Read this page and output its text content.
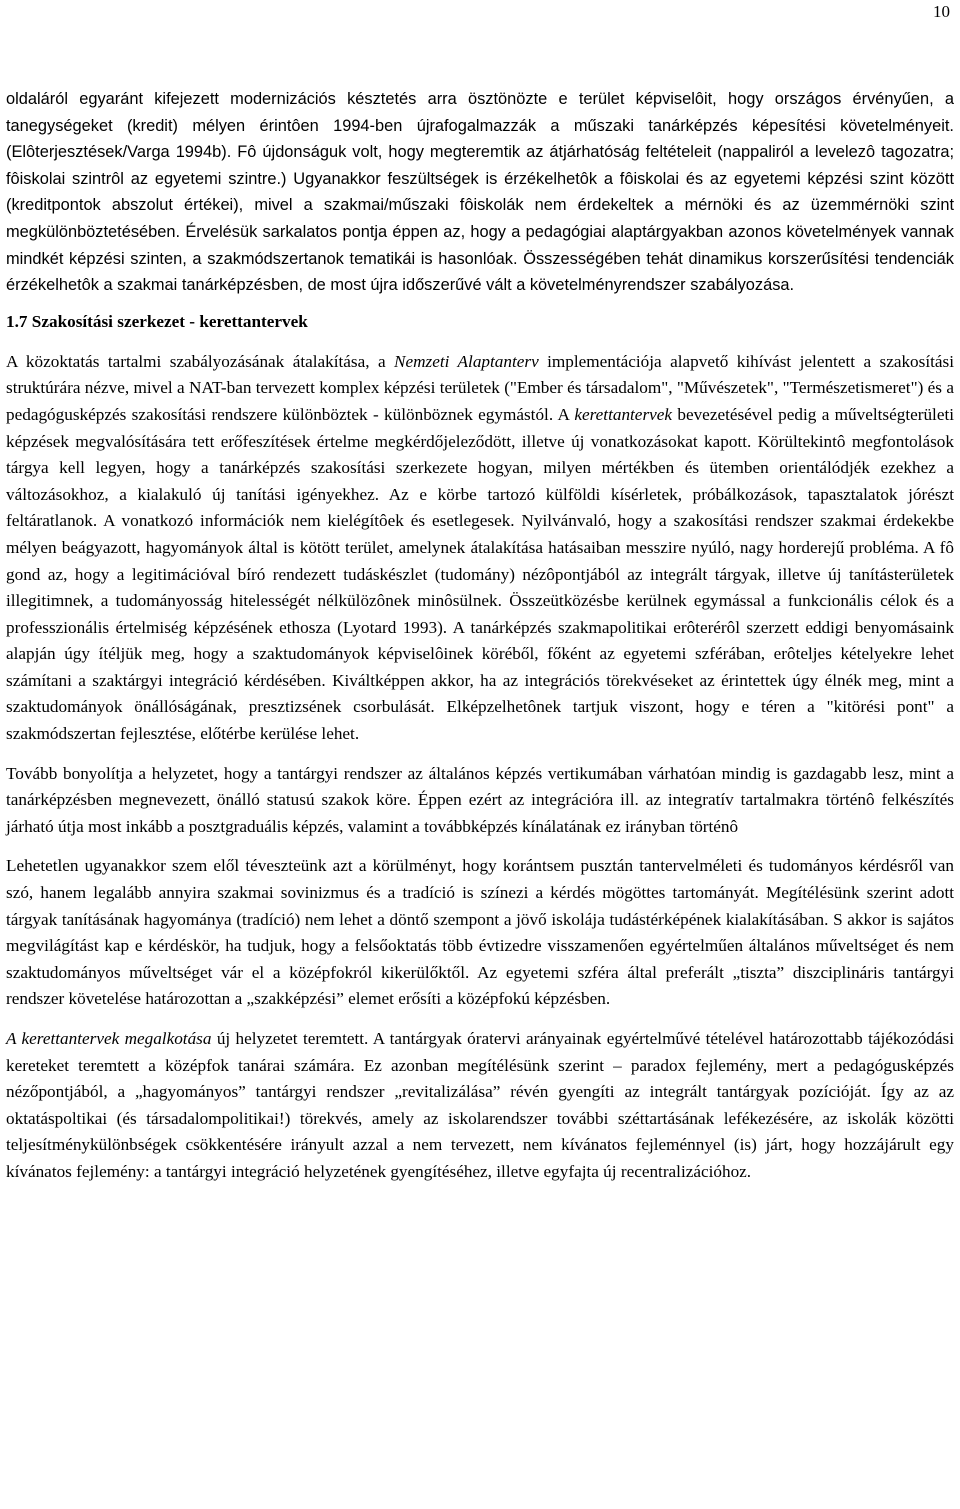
10

oldaláról egyaránt kifejezett modernizációs késztetés arra ösztönözte e terület képviselôit, hogy országos érvényűen, a tanegységeket (kredit) mélyen érintôen 1994-ben újrafogalmazzák a műszaki tanárképzés képesítési követelményeit. (Elôterjesztések/Varga 1994b). Fô újdonságuk volt, hogy megteremtik az átjárhatóság feltételeit (nappaliról a levelezô tagozatra; fôiskolai szintrôl az egyetemi szintre.) Ugyanakkor feszültségek is érzékelhetôk a fôiskolai és az egyetemi képzési szint között (kreditpontok abszolut értékei), mivel a szakmai/műszaki fôiskolák nem érdekeltek a mérnöki és az üzemmérnöki szint megkülönböztetésében. Érvelésük sarkalatos pontja éppen az, hogy a pedagógiai alaptárgyakban azonos követelmények vannak mindkét képzési szinten, a szakmódszertanok tematikái is hasonlóak. Összességében tehát dinamikus korszerűsítési tendenciák érzékelhetôk a szakmai tanárképzésben, de most újra időszerűvé vált a követelményrendszer szabályozása.

1.7 Szakosítási szerkezet - kerettantervek

A közoktatás tartalmi szabályozásának átalakítása, a Nemzeti Alaptanterv implementációja alapvető kihívást jelentett a szakosítási struktúrára nézve, mivel a NAT-ban tervezett komplex képzési területek ("Ember és társadalom", "Művészetek", "Természetismeret") és a pedagógusképzés szakosítási rendszere különböztek - különböznek egymástól. A kerettantervek bevezetésével pedig a műveltségterületi képzések megvalósítására tett erőfeszítések értelme megkérdőjeleződött, illetve új vonatkozásokat kapott. Körültekintô megfontolások tárgya kell legyen, hogy a tanárképzés szakosítási szerkezete hogyan, milyen mértékben és ütemben orientálódjék ezekhez a változásokhoz, a kialakuló új tanítási igényekhez. Az e körbe tartozó külföldi kísérletek, próbálkozások, tapasztalatok jórészt feltáratlanok. A vonatkozó információk nem kielégítôek és esetlegesek. Nyilvánvaló, hogy a szakosítási rendszer szakmai érdekekbe mélyen beágyazott, hagyományok által is kötött terület, amelynek átalakítása hatásaiban messzire nyúló, nagy horderejű probléma. A fô gond az, hogy a legitimációval bíró rendezett tudáskészlet (tudomány) nézôpontjából az integrált tárgyak, illetve új tanításterületek illegitimnek, a tudományosság hitelességét nélkülözônek minôsülnek. Összeütközésbe kerülnek egymással a funkcionális célok és a professzionális értelmiség képzésének ethosza (Lyotard 1993). A tanárképzés szakmapolitikai erôterérôl szerzett eddigi benyomásaink alapján úgy ítéljük meg, hogy a szaktudományok képviselôinek köréből, főként az egyetemi szférában, erôteljes kételyekre lehet számítani a szaktárgyi integráció kérdésében. Kiváltképpen akkor, ha az integrációs törekvéseket az érintettek úgy élnék meg, mint a szaktudományok önállóságának, presztizsének csorbulását. Elképzelhetônek tartjuk viszont, hogy e téren a "kitörési pont" a szakmódszertan fejlesztése, előtérbe kerülése lehet.

Tovább bonyolítja a helyzetet, hogy a tantárgyi rendszer az általános képzés vertikumában várhatóan mindig is gazdagabb lesz, mint a tanárképzésben megnevezett, önálló statusú szakok köre. Éppen ezért az integrációra ill. az integratív tartalmakra történô felkészítés járható útja most inkább a posztgraduális képzés, valamint a továbbképzés kínálatának ez irányban történô

Lehetetlen ugyanakkor szem elől téveszteünk azt a körülményt, hogy korántsem pusztán tantervelméleti és tudományos kérdésről van szó, hanem legalább annyira szakmai sovinizmus és a tradíció is színezi a kérdés mögöttes tartományát. Megítélésünk szerint adott tárgyak tanításának hagyománya (tradíció) nem lehet a döntő szempont a jövő iskolája tudástérképének kialakításában. S akkor is sajátos megvilágítást kap e kérdéskör, ha tudjuk, hogy a felsőoktatás több évtizedre visszamenően egyértelműen általános műveltséget és nem szaktudományos műveltséget vár el a középfokról kikerülőktől. Az egyetemi szféra által preferált „tiszta” diszciplináris tantárgyi rendszer követelése határozottan a „szakképzési” elemet erősíti a középfokú képzésben.

A kerettantervek megalkotása új helyzetet teremtett. A tantárgyak óratervi arányainak egyértelművé tételével határozottabb tájékozódási kereteket teremtett a középfok tanárai számára. Ez azonban megítélésünk szerint – paradox fejlemény, mert a pedagógusképzés nézőpontjából, a „hagyományos” tantárgyi rendszer „revitalizálása” révén gyengíti az integrált tantárgyak pozícióját. Így az az oktatáspoltikai (és társadalompolitikai!) törekvés, amely az iskolarendszer további széttartásának lefékezésére, az iskolák közötti teljesítménykülönbségek csökkentésére irányult azzal a nem tervezett, nem kívánatos fejleménnyel (is) járt, hogy hozzájárult egy kívánatos fejlemény: a tantárgyi integráció helyzetének gyengítéséhez, illetve egyfajta új recentralizációhoz.
